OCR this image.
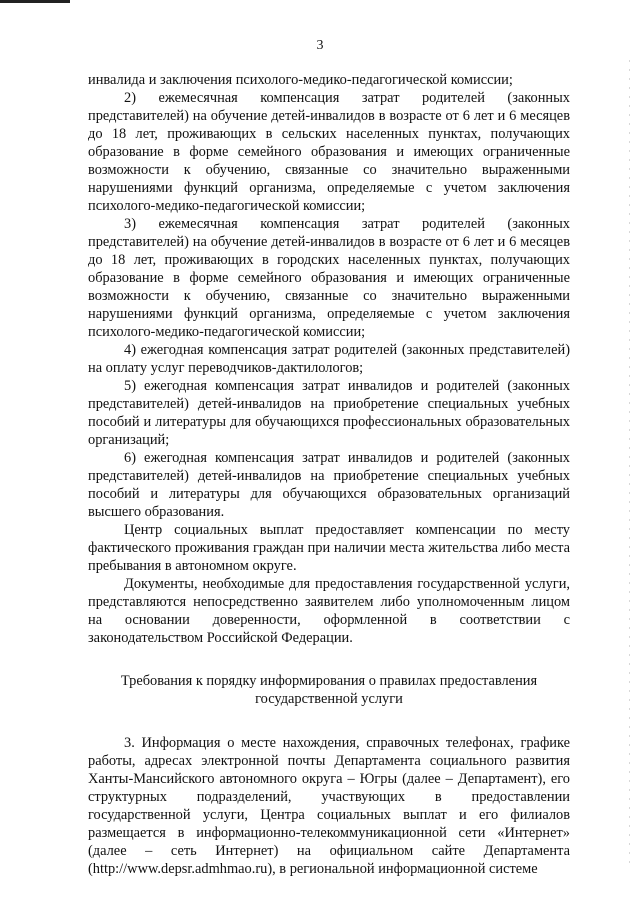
3

инвалида и заключения психолого-медико-педагогической комиссии;

2) ежемесячная компенсация затрат родителей (законных представителей) на обучение детей-инвалидов в возрасте от 6 лет и 6 месяцев до 18 лет, проживающих в сельских населенных пунктах, получающих образование в форме семейного образования и имеющих ограниченные возможности к обучению, связанные со значительно выраженными нарушениями функций организма, определяемые с учетом заключения психолого-медико-педагогической комиссии;

3) ежемесячная компенсация затрат родителей (законных представителей) на обучение детей-инвалидов в возрасте от 6 лет и 6 месяцев до 18 лет, проживающих в городских населенных пунктах, получающих образование в форме семейного образования и имеющих ограниченные возможности к обучению, связанные со значительно выраженными нарушениями функций организма, определяемые с учетом заключения психолого-медико-педагогической комиссии;

4) ежегодная компенсация затрат родителей (законных представителей) на оплату услуг переводчиков-дактилологов;

5) ежегодная компенсация затрат инвалидов и родителей (законных представителей) детей-инвалидов на приобретение специальных учебных пособий и литературы для обучающихся профессиональных образовательных организаций;

6) ежегодная компенсация затрат инвалидов и родителей (законных представителей) детей-инвалидов на приобретение специальных учебных пособий и литературы для обучающихся образовательных организаций высшего образования.

Центр социальных выплат предоставляет компенсации по месту фактического проживания граждан при наличии места жительства либо места пребывания в автономном округе.

Документы, необходимые для предоставления государственной услуги, представляются непосредственно заявителем либо уполномоченным лицом на основании доверенности, оформленной в соответствии с законодательством Российской Федерации.

Требования к порядку информирования о правилах предоставления
государственной услуги

3. Информация о месте нахождения, справочных телефонах, графике работы, адресах электронной почты Департамента социального развития Ханты-Мансийского автономного округа – Югры (далее – Департамент), его структурных подразделений, участвующих в предоставлении государственной услуги, Центра социальных выплат и его филиалов размещается в информационно-телекоммуникационной сети «Интернет» (далее – сеть Интернет) на официальном сайте Департамента (http://www.depsr.admhmao.ru), в региональной информационной системе
